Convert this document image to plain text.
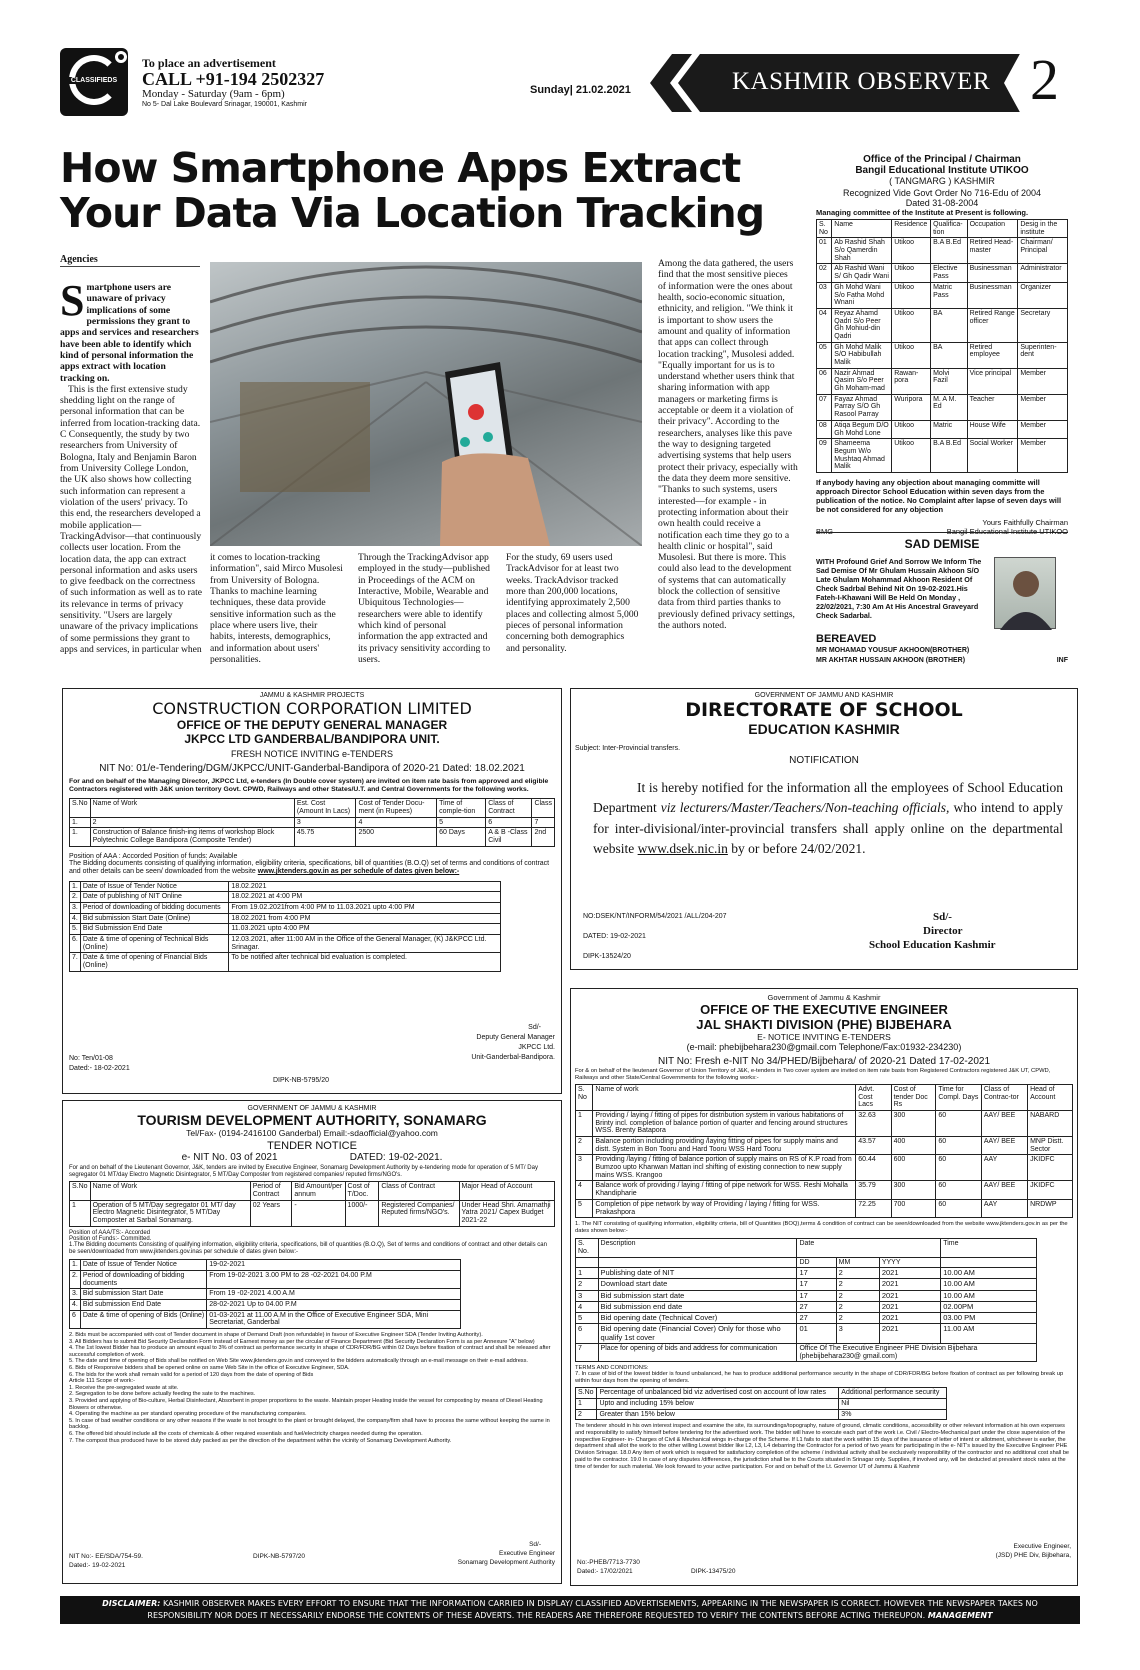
CLASSIFIEDS
To place an advertisement
CALL +91-194 2502327
Monday - Saturday (9am - 6pm)
No 5- Dal Lake Boulevard Srinagar, 190001, Kashmir
Sunday| 21.02.2021	KASHMIR OBSERVER 2
How Smartphone Apps Extract Your Data Via Location Tracking
Agencies
S martphone users are unaware of privacy implications of some permissions they grant to apps and services and researchers have been able to identify which kind of personal information the apps extract with location tracking on.
This is the first extensive study shedding light on the range of personal information that can be inferred from location-tracking data. C Consequently, the study by two researchers from University of Bologna, Italy and Benjamin Baron from University College London, the UK also shows how collecting such information can represent a violation of the users' privacy. To this end, the researchers developed a mobile application—TrackingAdvisor—that continuously collects user location. From the location data, the app can extract personal information and asks users to give feedback on the correctness of such information as well as to rate its relevance in terms of privacy sensitivity. "Users are largely unaware of the privacy implications of some permissions they grant to apps and services, in particular when
it comes to location-tracking information", said Mirco Musolesi from University of Bologna. Thanks to machine learning techniques, these data provide sensitive information such as the place where users live, their habits, interests, demographics, and information about users' personalities.
Through the TrackingAdvisor app employed in the study—published in Proceedings of the ACM on Interactive, Mobile, Wearable and Ubiquitous Technologies—researchers were able to identify which kind of personal information the app extracted and its privacy sensitivity according to users.
For the study, 69 users used TrackAdvisor for at least two weeks. TrackAdvisor tracked more than 200,000 locations, identifying approximately 2,500 places and collecting almost 5,000 pieces of personal information concerning both demographics and personality.
Among the data gathered, the users find that the most sensitive pieces of information were the ones about health, socio-economic situation, ethnicity, and religion. "We think it is important to show users the amount and quality of information that apps can collect through location tracking", Musolesi added. "Equally important for us is to understand whether users think that sharing information with app managers or marketing firms is acceptable or deem it a violation of their privacy". According to the researchers, analyses like this pave the way to designing targeted advertising systems that help users protect their privacy, especially with the data they deem more sensitive. "Thanks to such systems, users interested—for example - in protecting information about their own health could receive a notification each time they go to a health clinic or hospital", said Musolesi. But there is more. This could also lead to the development of systems that can automatically block the collection of sensitive data from third parties thanks to previously defined privacy settings, the authors noted.
Office of the Principal / Chairman
Bangil Educational Institute UTIKOO
( TANGMARG ) KASHMIR
Recognized Vide Govt Order No 716-Edu of 2004
Dated 31-08-2004
Managing committee of the Institute at Present is following.
S. No	Name	Residence	Qualifica-tion	Occupation	Desig in the institute
01	Ab Rashid Shah S/o Qamerdin Shah	Utikoo	B.A B.Ed	Retired Head-master	Chairman/ Principal
02	Ab Rashid Wani S/ Gh Qadir Wani	Utikoo	Elective Pass	Businessman	Administrator
03	Gh Mohd Wani S/o Fatha Mohd Wnani	Utikoo	Matric Pass	Businessman	Organizer
04	Reyaz Ahamd Qadri S/o Peer Gh Mohiud-din Qadri	Utikoo	BA	Retired Range officer	Secretary
05	Gh Mohd Malik S/O Habibullah Malik	Utikoo	BA	Retired employee	Superinten-dent
06	Nazir Ahmad Qasim S/o Peer Gh Moham-mad	Rawan-pora	Molvi Fazil	Vice principal	Member
07	Fayaz Ahmad Parray S/O Gh Rasool Parray	Wuripora	M. A M. Ed	Teacher	Member
08	Atiqa Begum D/O Gh Mohd Lone	Utikoo	Matric	House Wife	Member
09	Shameema Begum W/o Mushtaq Ahmad Malik	Utikoo	B.A B.Ed	Social Worker	Member
If anybody having any objection about managing committe will approach Director School Education within seven days from the publication of the notice. No Complaint after lapse of seven days will be not considered for any objection
Yours Faithfully Chairman
BMG	Bangil Educational Institute UTIKOO
SAD DEMISE
WITH Profound Grief And Sorrow We Inform The Sad Demise Of Mr Ghulam Hussain Akhoon S/O Late Ghulam Mohammad Akhoon Resident Of Check Sadrbal Behind Nit On 19-02-2021.His Fateh-I-Khawani Will Be Held On Monday , 22/02/2021, 7:30 Am At His Ancestral Graveyard Check Sadarbal.
BEREAVED
MR MOHAMAD YOUSUF AKHOON(BROTHER)
MR AKHTAR HUSSAIN AKHOON (BROTHER)	INF
JAMMU & KASHMIR PROJECTS
CONSTRUCTION CORPORATION LIMITED
OFFICE OF THE DEPUTY GENERAL MANAGER
JKPCC LTD GANDERBAL/BANDIPORA UNIT.
FRESH NOTICE INVITING e-TENDERS
NIT No: 01/e-Tendering/DGM/JKPCC/UNIT-Ganderbal-Bandipora of 2020-21 Dated: 18.02.2021
For and on behalf of the Managing Director, JKPCC Ltd, e-tenders (In Double cover system) are invited on item rate basis from approved and eligible Contractors registered with J&K union territory Govt. CPWD, Railways and other States/U.T. and Central Governments for the following works.
S.No	Name of Work	Est. Cost (Amount In Lacs)	Cost of Tender Docu-ment (in Rupees)	Time of comple-tion	Class of Contract	Class
1.	2	3	4	5	6	7
1.	Construction of Balance finish-ing items of workshop Block Polytechnic College Bandipora (Composite Tender)	45.75	2500	60 Days	A & B -Class Civil	2nd
Position of AAA : Accorded Position of funds: Available
The Bidding documents consisting of qualifying information, eligibility criteria, specifications, bill of quantities (B.O.Q) set of terms and conditions of contract and other details can be seen/ downloaded from the website www.jktenders.gov.in as per schedule of dates given below:-
1.	Date of Issue of Tender Notice	18.02.2021
2.	Date of publishing of NIT Online	18.02.2021 at 4:00 PM
3.	Period of downloading of bidding documents	From 19.02.2021from 4:00 PM to 11.03.2021 upto 4:00 PM
4.	Bid submission Start Date (Online)	18.02.2021 from 4:00 PM
5.	Bid Submission End Date	11.03.2021 upto 4:00 PM
6.	Date & time of opening of Technical Bids (Online)	12.03.2021, after 11:00 AM in the Office of the General Manager, (K) J&KPCC Ltd. Srinagar.
7.	Date & time of opening of Financial Bids (Online)	To be notified after technical bid evaluation is completed.
Sd/-
Deputy General Manager
JKPCC Ltd.
Unit-Ganderbal-Bandipora.
No: Ten/01-08
Dated:- 18-02-2021
DIPK-NB-5795/20
GOVERNMENT OF JAMMU AND KASHMIR
DIRECTORATE OF SCHOOL
EDUCATION KASHMIR
Subject: Inter-Provincial transfers.
NOTIFICATION
It is hereby notified for the information all the employees of School Education Department viz lecturers/Master/Teachers/Non-teaching officials, who intend to apply for inter-divisional/inter-provincial transfers shall apply online on the departmental website www.dsek.nic.in by or before 24/02/2021.
NO:DSEK/NT/INFORM/54/2021 /ALL/204-207
DATED: 19-02-2021
DIPK-13524/20
Sd/-
Director
School Education Kashmir
GOVERNMENT OF JAMMU & KASHMIR
TOURISM DEVELOPMENT AUTHORITY, SONAMARG
Tel/Fax- (0194-2416100 Ganderbal) Email:-sdaofficial@yahoo.com
TENDER NOTICE
e- NIT No. 03 of 2021                          DATED: 19-02-2021.
For and on behalf of the Lieutenant Governor, J&K, tenders are invited by Executive Engineer, Sonamarg Development Authority by e-tendering mode for operation of 5 MT/ Day segregator 01 MT/day Electro Magnetic Disintegrator, 5 MT/Day Composter from registered companies/ reputed firms/NGO's.
S.No	Name of Work	Period of Contract	Bid Amount/per annum	Cost of T/Doc.	Class of Contract	Major Head of Account
1	Operation of 5 MT/Day segregator 01 MT/ day Electro Magnetic Disintegrator, 5 MT/Day Composter at Sarbal Sonamarg.	02 Years	-	1000/-	Registered Companies/ Reputed firms/NGO's.	Under Head Shri. Amarnathji Yatra 2021/ Capex Budget 2021-22
Position of AAA/TS:- Accorded
Position of Funds:- Committed.
1.The Bidding documents Consisting of qualifying information, eligibility criteria, specifications, bill of quantities (B.O.Q), Set of terms and conditions of contract and other details can be seen/downloaded from www.jktenders.gov.inas per schedule of dates given below:-
1.	Date of Issue of Tender Notice	19-02-2021
2.	Period of downloading of bidding documents	From 19-02-2021 3.00 PM to 28 -02-2021 04.00 P.M
3.	Bid submission Start Date	From 19 -02-2021 4.00 A.M
4.	Bid submission End Date	28-02-2021 Up to 04.00 P.M
6	Date & time of opening of Bids (Online)	01-03-2021 at 11.00 A.M in the Office of Executive Engineer SDA, Mini Secretariat, Ganderbal
2. Bids must be accompanied with cost of Tender document in shape of Demand Draft (non refundable) in favour of Executive Engineer SDA (Tender Inviting Authority).
3. All Bidders has to submit Bid Security Declaration Form instead of Earnest money as per the circular of Finance Department (Bid Security Declaration Form is as per Annexure "A" below)
4. The 1st lowest Bidder has to produce an amount equal to 3% of contract as performance security in shape of CDR/FDR/BG within 02 Days before fixation of contract and shall be released after successful completion of work.
5. The date and time of opening of Bids shall be notified on Web Site www.jktenders.gov.in and conveyed to the bidders automatically through an e-mail message on their e-mail address.
6. Bids of Responsive bidders shall be opened online on same Web Site in the office of Executive Engineer, SDA.
6. The bids for the work shall remain valid for a period of 120 days from the date of opening of Bids
Article 111 Scope of work:-
1. Receive the pre-segregated waste at site.
2. Segregation to be done before actually feeding the sate to the machines.
3. Provided and applying of Bio-culture, Herbal Disinfectant, Absorbent in proper proportions to the waste. Maintain proper Heating inside the vessel for composting by means of Diesel Heating Blowers or otherwise.
4. Operating the machine as per standard operating procedure of the manufacturing companies.
5. In case of bad weather conditions or any other reasons if the waste is not brought to the plant or brought delayed, the company/firm shall have to process the same without keeping the same in backlog.
6. The offered bid should include all the costs of chemicals & other required essentials and fuel/electricity charges needed during the operation.
7. The compost thus produced have to be stored duly packed as per the direction of the department within the vicinity of Sonamarg Development Authority.
Sd/-
Executive Engineer
Sonamarg Development Authority
NIT No:- EE/SDA/754-59.
Dated:- 19-02-2021
DIPK-NB-5797/20
Government of Jammu & Kashmir
OFFICE OF THE EXECUTIVE ENGINEER
JAL SHAKTI DIVISION (PHE) BIJBEHARA
E- NOTICE INVITING E-TENDERS
(e-mail: phebijbehara230@gmail.com Telephone/Fax:01932-234230)
NIT No: Fresh e-NIT No 34/PHED/Bijbehara/ of 2020-21 Dated 17-02-2021
For & on behalf of the lieutenant Governor of Union Territory of J&K, e-tenders in Two cover system are invited on item rate basis from Registered Contractors registered J&K UT, CPWD, Railways and other State/Central Governments for the following works:-
S. No	Name of work	Advt. Cost Lacs	Cost of tender Doc Rs	Time for Compl. Days	Class of Contrac-tor	Head of Account
1	Providing / laying / fitting of pipes for distribution system in various habitations of Brinty incl. completion of balance portion of quarter and fencing around structures WSS. Brenty Batapora	32.63	300	60	AAY/ BEE	NABARD
2	Balance portion including providing /laying fitting of pipes for supply mains and distt. System in Bon Tooru and Hard Tooru WSS Hard Tooru	43.57	400	60	AAY/ BEE	MNP Distt. Sector
3	Providing /laying / fitting of balance portion of supply mains on RS of K.P road from Bumzoo upto Khanwan Mattan incl shifting of existing connection to new supply mains WSS. Krangoo	60.44	600	60	AAY	JKIDFC
4	Balance work of providing / laying / fitting of pipe network for WSS. Reshi Mohalla Khandipharie	35.79	300	60	AAY/ BEE	JKIDFC
5	Completion of pipe network by way of Providing / laying / fitting for WSS. Prakashpora	72.25	700	60	AAY	NRDWP
1. The NIT consisting of qualifying information, eligibility criteria, bill of Quantities (BOQ),terms & condition of contract can be seen/downloaded from the website www.jktenders.gov.in as per the dates shown below:-
S. No.	Description	Date			Time
		DD	MM	YYYY	
1	Publishing date of NIT	17	2	2021	10.00 AM
2	Download start date	17	2	2021	10.00 AM
3	Bid submission start date	17	2	2021	10.00 AM
4	Bid submission end date	27	2	2021	02.00PM
5	Bid opening date (Technical Cover)	27	2	2021	03.00 PM
6	Bid opening date (Financial Cover) Only for those who qualify 1st cover	01	3	2021	11.00 AM
7	Place for opening of bids and address for communication	Office Of The Executive Engineer PHE Division Bijbehara (phebijbehara230@ gmail.com)			
TERMS AND CONDITIONS:
7. In case of bid of the lowest bidder is found unbalanced, he has to produce additional performance security in the shape of CDR/FDR/BG before fixation of contract as per following break up within four days from the opening of tenders.
S.No	Percentage of unbalanced bid viz advertised cost on account of low rates	Additional performance security
1	Upto and including 15% below	Nil
2	Greater than 15% below	3%
The tenderer should in his own interest inspect and examine the site, its surroundings/topography, nature of ground, climatic conditions, accessibility or other relevant information at his own expenses and responsibility to satisfy himself before tendering for the advertised work. The bidder will have to execute each part of the work i.e. Civil / Electro-Mechanical part under the close supervision of the respective Engineer- in- Charges of Civil & Mechanical wings in-charge of the Scheme. If L1 fails to start the work within 15 days of the issuance of letter of intent or allotment, whichever is earlier, the department shall allot the work to the other willing Lowest bidder like L2, L3, L4 debarring the Contractor for a period of two years for participating in the e- NIT's issued by the Executive Engineer PHE Division Srinagar. 18.0 Any item of work which is required for satisfactory completion of the scheme / individual activity shall be exclusively responsibility of the contractor and no additional cost shall be paid to the contractor. 19.0 In case of any disputes /differences, the jurisdiction shall be to the Courts situated in Srinagar only. Supplies, if involved any, will be deducted at prevalent stock rates at the time of tender for such material. We look forward to your active participation. For and on behalf of the Lt. Governor UT of Jammu & Kashmir
Executive Engineer,
(JSD) PHE Div, Bijbehara,
No:-PHEB/7713-7730
Dated:- 17/02/2021	DIPK-13475/20
DISCLAIMER: KASHMIR OBSERVER MAKES EVERY EFFORT TO ENSURE THAT THE INFORMATION CARRIED IN DISPLAY/ CLASSIFIED ADVERTISEMENTS, APPEARING IN THE NEWSPAPER IS CORRECT. HOWEVER THE NEWSPAPER TAKES NO RESPONSIBILITY NOR DOES IT NECESSARILY ENDORSE THE CONTENTS OF THESE ADVERTS. THE READERS ARE THEREFORE REQUESTED TO VERIFY THE CONTENTS BEFORE ACTING THEREUPON. MANAGEMENT
